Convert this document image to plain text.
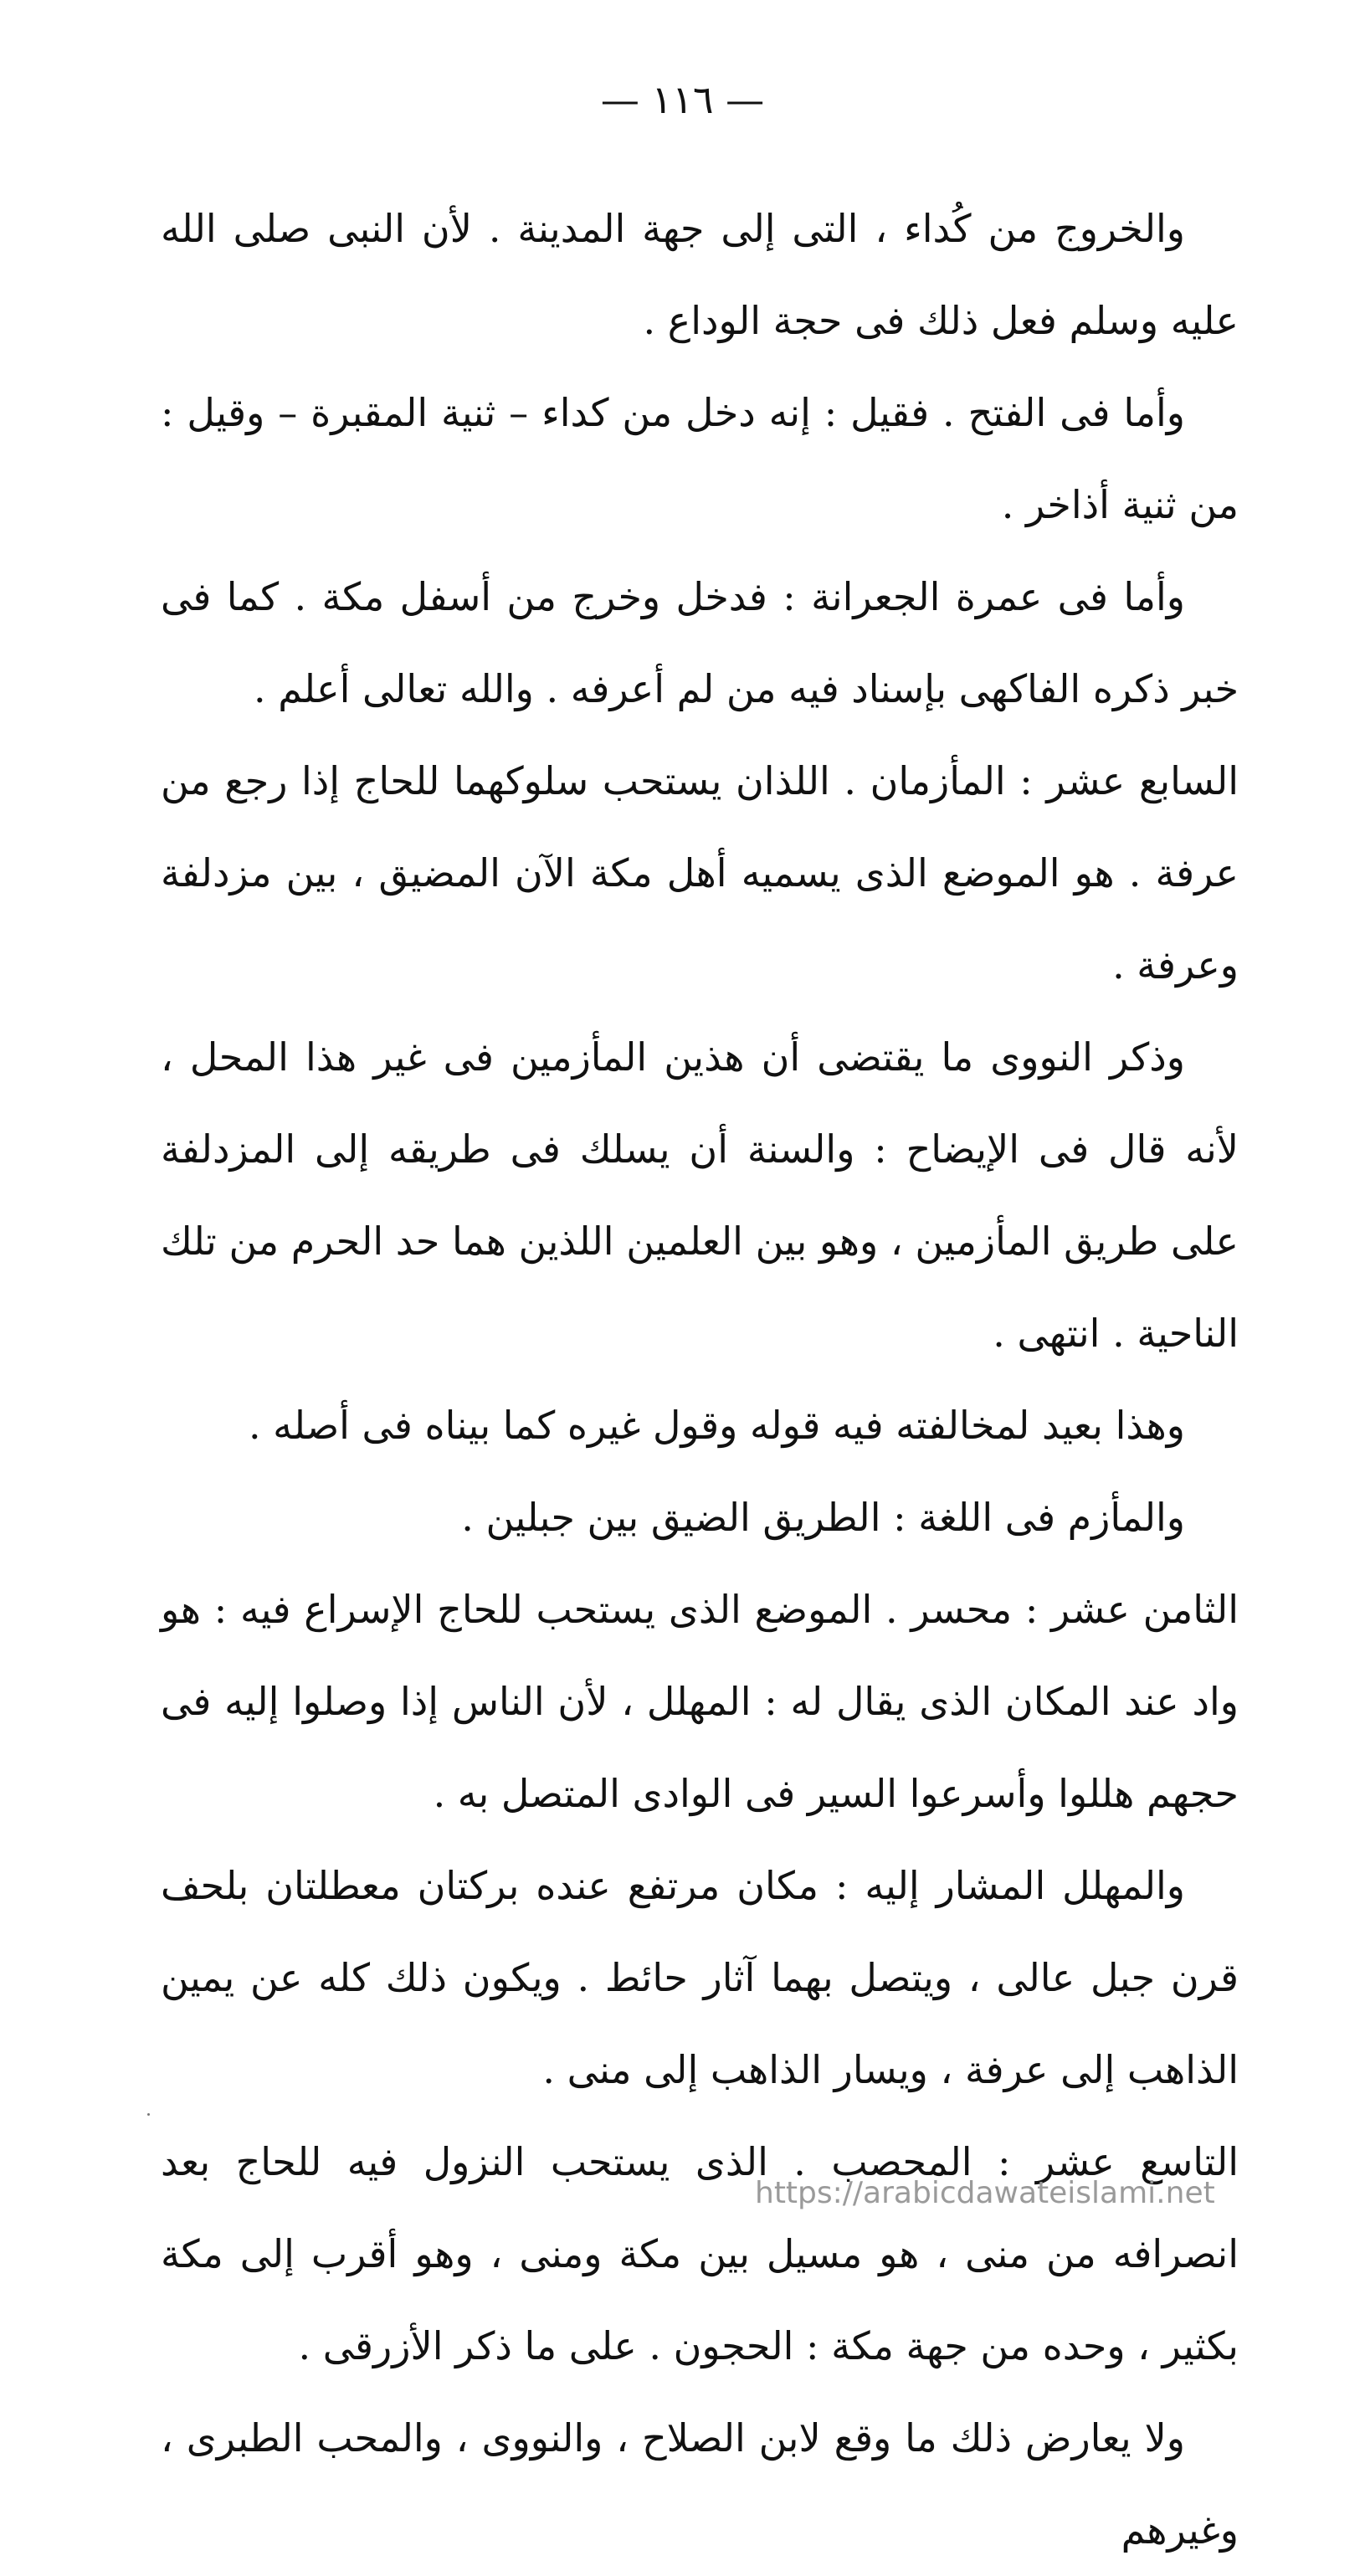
— ١١٦ —

والخروج من كُداء ، التى إلى جهة المدينة . لأن النبى صلى الله عليه وسلم فعل ذلك فى حجة الوداع .

وأما فى الفتح . فقيل : إنه دخل من كداء – ثنية المقبرة – وقيل : من ثنية أذاخر .

وأما فى عمرة الجعرانة : فدخل وخرج من أسفل مكة . كما فى خبر ذكره الفاكهى بإسناد فيه من لم أعرفه . والله تعالى أعلم .

السابع عشر : المأزمان . اللذان يستحب سلوكهما للحاج إذا رجع من عرفة . هو الموضع الذى يسميه أهل مكة الآن المضيق ، بين مزدلفة وعرفة .

وذكر النووى ما يقتضى أن هذين المأزمين فى غير هذا المحل ، لأنه قال فى الإيضاح : والسنة أن يسلك فى طريقه إلى المزدلفة على طريق المأزمين ، وهو بين العلمين اللذين هما حد الحرم من تلك الناحية . انتهى .

وهذا بعيد لمخالفته فيه قوله وقول غيره كما بيناه فى أصله .

والمأزم فى اللغة : الطريق الضيق بين جبلين .

الثامن عشر : محسر . الموضع الذى يستحب للحاج الإسراع فيه : هو واد عند المكان الذى يقال له : المهلل ، لأن الناس إذا وصلوا إليه فى حجهم هللوا وأسرعوا السير فى الوادى المتصل به .

والمهلل المشار إليه : مكان مرتفع عنده بركتان معطلتان بلحف قرن جبل عالى ، ويتصل بهما آثار حائط . ويكون ذلك كله عن يمين الذاهب إلى عرفة ، ويسار الذاهب إلى منى .

التاسع عشر : المحصب . الذى يستحب النزول فيه للحاج بعد انصرافه من منى ، هو مسيل بين مكة ومنى ، وهو أقرب إلى مكة بكثير ، وحده من جهة مكة : الحجون . على ما ذكر الأزرقى .

ولا يعارض ذلك ما وقع لابن الصلاح ، والنووى ، والمحب الطبرى ، وغيرهم

https://arabicdawateislami.net
